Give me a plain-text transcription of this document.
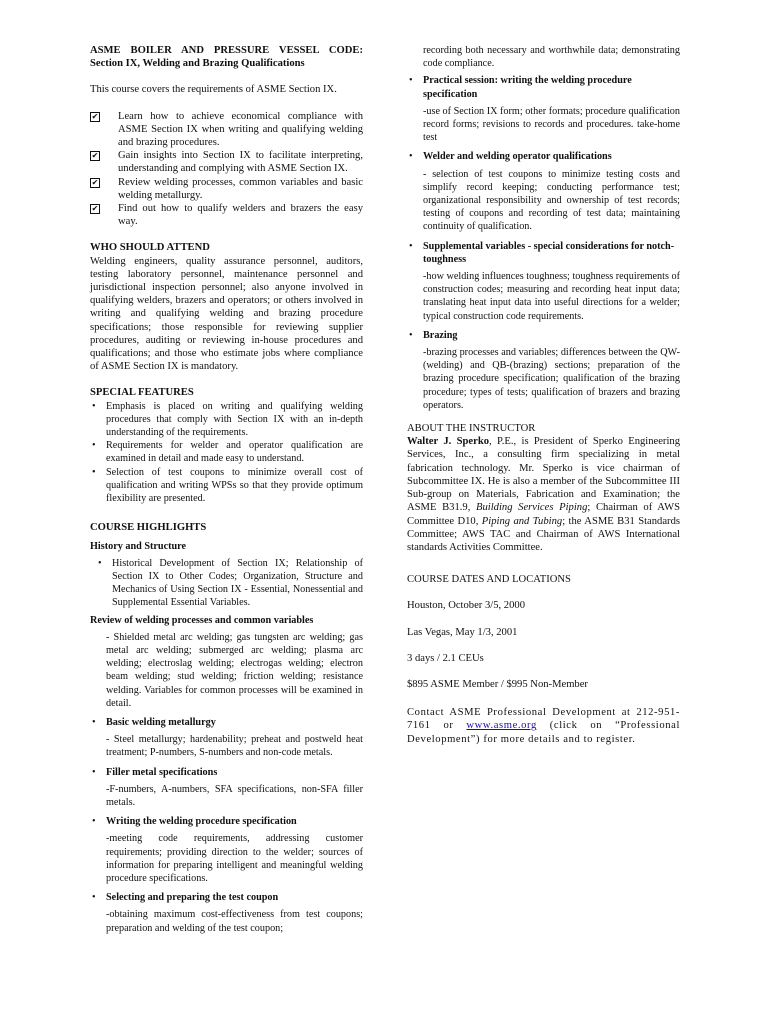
ASME BOILER AND PRESSURE VESSEL CODE:
Section IX, Welding and Brazing Qualifications

This course covers the requirements of ASME Section IX.

✔ Learn how to achieve economical compliance with ASME Section IX when writing and qualifying welding and brazing procedures.
✔ Gain insights into Section IX to facilitate interpreting, understanding and complying with ASME Section IX.
✔ Review welding processes, common variables and basic welding metallurgy.
✔ Find out how to qualify welders and brazers the easy way.
WHO SHOULD ATTEND

Welding engineers, quality assurance personnel, auditors, testing laboratory personnel, maintenance personnel and jurisdictional inspection personnel; also anyone involved in qualifying welders, brazers and operators; or others involved in writing and qualifying welding and brazing procedure specifications; those responsible for reviewing supplier procedures, auditing or reviewing in-house procedures and qualifications; and those who estimate jobs where compliance of ASME Section IX is mandatory.

SPECIAL FEATURES
• Emphasis is placed on writing and qualifying welding procedures that comply with Section IX with an in-depth understanding of the requirements.
• Requirements for welder and operator qualification are examined in detail and made easy to understand.
• Selection of test coupons to minimize overall cost of qualification and writing WPSs so that they provide optimum flexibility are presented.
COURSE HIGHLIGHTS
History and Structure
• Historical Development of Section IX; Relationship of Section IX to Other Codes; Organization, Structure and Mechanics of Using Section IX - Essential, Nonessential and Supplemental Essential Variables.
Review of welding processes and common variables

- Shielded metal arc welding; gas tungsten arc welding; gas metal arc welding; submerged arc welding; plasma arc welding; electroslag welding; electrogas welding; electron beam welding; stud welding; friction welding; resistance welding. Variables for common processes will be examined in detail.

• Basic welding metallurgy

- Steel metallurgy; hardenability; preheat and postweld heat treatment; P-numbers, S-numbers and non-code metals.

• Filler metal specifications

-F-numbers, A-numbers, SFA specifications, non-SFA filler metals.

• Writing the welding procedure specification

-meeting code requirements, addressing customer requirements; providing direction to the welder; sources of information for preparing intelligent and meaningful welding procedure specifications.

• Selecting and preparing the test coupon

-obtaining maximum cost-effectiveness from test coupons; preparation and welding of the test coupon;

recording both necessary and worthwhile data; demonstrating code compliance.

• Practical session: writing the welding procedure specification

-use of Section IX form; other formats; procedure qualification record forms; revisions to records and procedures. take-home test

• Welder and welding operator qualifications

- selection of test coupons to minimize testing costs and simplify record keeping; conducting performance test; organizational responsibility and ownership of test records; testing of coupons and recording of test data; maintaining continuity of qualification.

• Supplemental variables - special considerations for notch-toughness

-how welding influences toughness; toughness requirements of construction codes; measuring and recording heat input data; translating heat input data into useful directions for a welder; typical construction code requirements.

• Brazing

-brazing processes and variables; differences between the QW-(welding) and QB-(brazing) sections; preparation of the brazing procedure specification; qualification of the brazing procedure; types of tests; qualification of brazers and brazing operators.

ABOUT THE INSTRUCTOR

Walter J. Sperko, P.E., is President of Sperko Engineering Services, Inc., a consulting firm specializing in metal fabrication technology. Mr. Sperko is vice chairman of Subcommittee IX. He is also a member of the Subcommittee III Sub-group on Materials, Fabrication and Examination; the ASME B31.9, Building Services Piping; Chairman of AWS Committee D10, Piping and Tubing; the ASME B31 Standards Committee; AWS TAC and Chairman of AWS International standards Activities Committee.

COURSE DATES AND LOCATIONS

Houston, October 3/5, 2000

Las Vegas, May 1/3, 2001

3 days / 2.1 CEUs

$895 ASME Member / $995 Non-Member

Contact ASME Professional Development at 212-951-7161 or www.asme.org (click on “Professional Development”) for more details and to register.
